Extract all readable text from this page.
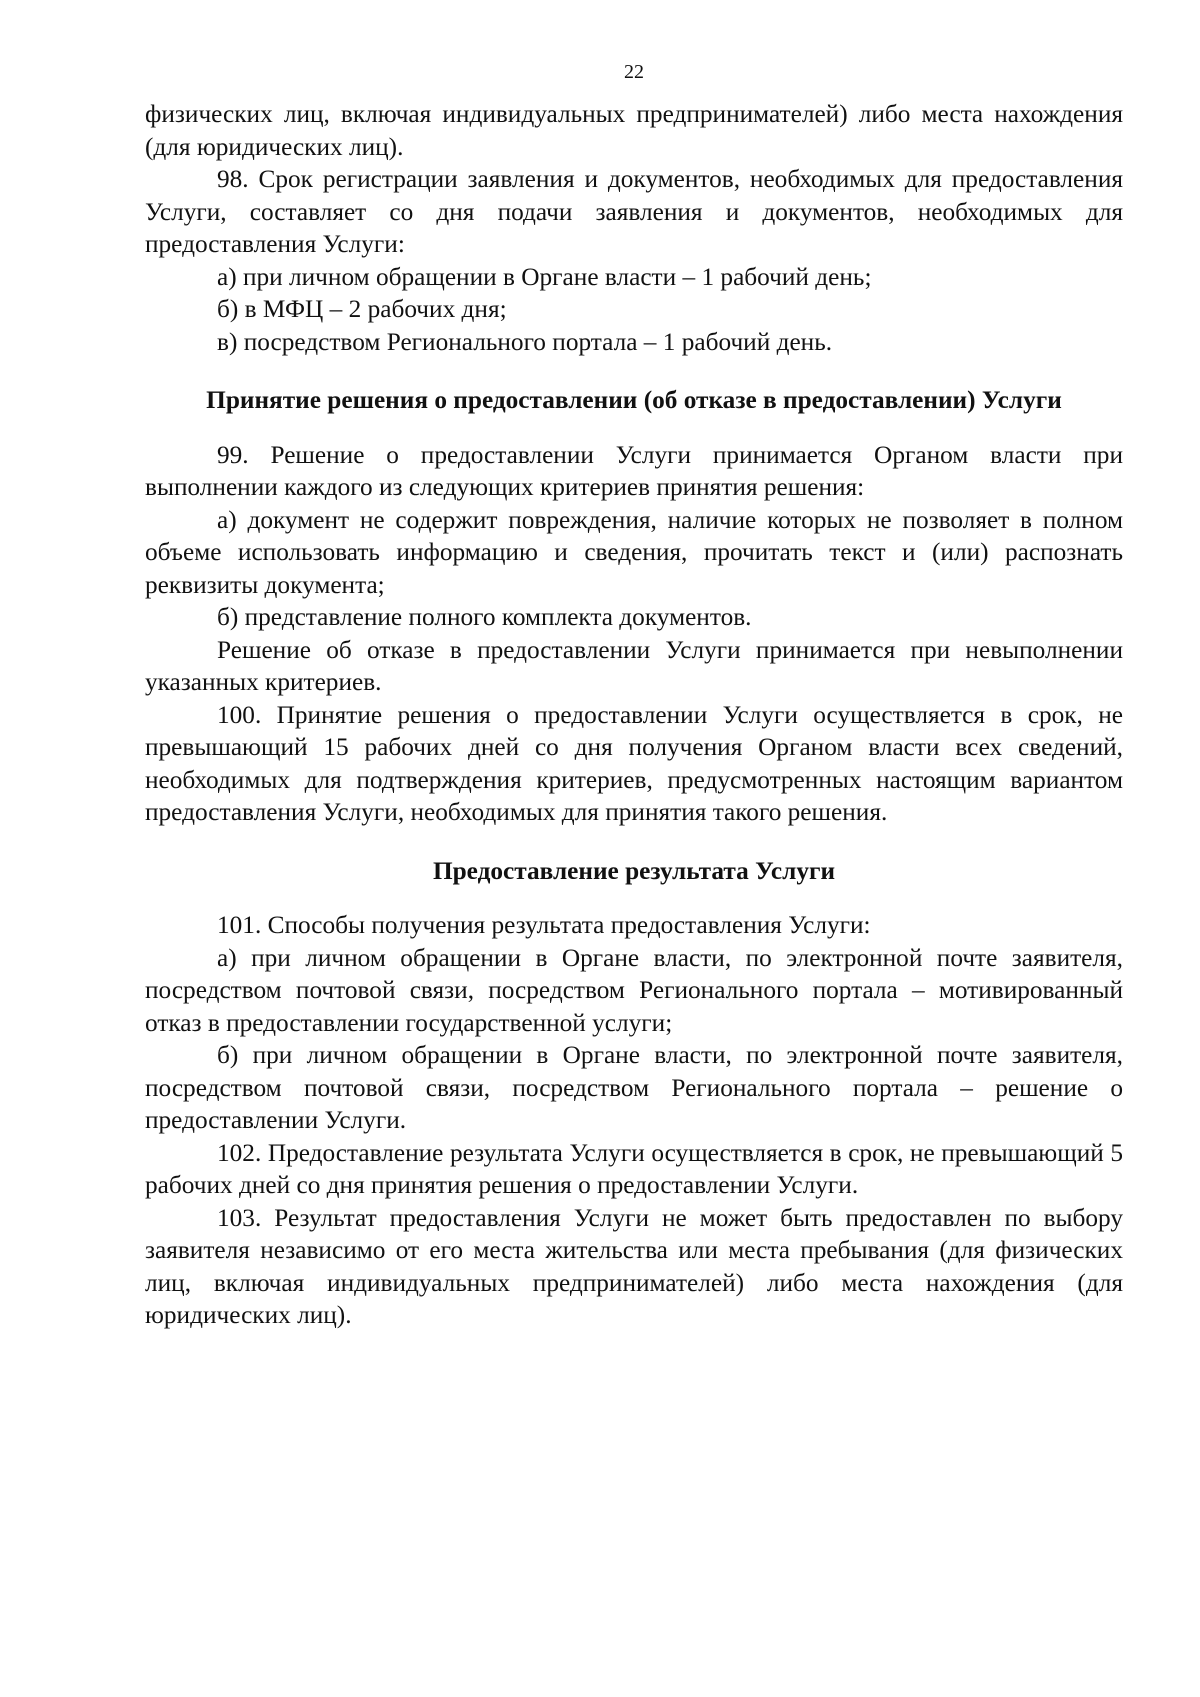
22

физических лиц, включая индивидуальных предпринимателей) либо места нахождения (для юридических лиц).

98. Срок регистрации заявления и документов, необходимых для предоставления Услуги, составляет со дня подачи заявления и документов, необходимых для предоставления Услуги:

а) при личном обращении в Органе власти – 1 рабочий день;

б) в МФЦ – 2 рабочих дня;

в) посредством Регионального портала – 1 рабочий день.

Принятие решения о предоставлении (об отказе в предоставлении) Услуги

99. Решение о предоставлении Услуги принимается Органом власти при выполнении каждого из следующих критериев принятия решения:

а) документ не содержит повреждения, наличие которых не позволяет в полном объеме использовать информацию и сведения, прочитать текст и (или) распознать реквизиты документа;

б) представление полного комплекта документов.

Решение об отказе в предоставлении Услуги принимается при невыполнении указанных критериев.

100. Принятие решения о предоставлении Услуги осуществляется в срок, не превышающий 15 рабочих дней со дня получения Органом власти всех сведений, необходимых для подтверждения критериев, предусмотренных настоящим вариантом предоставления Услуги, необходимых для принятия такого решения.

Предоставление результата Услуги

101. Способы получения результата предоставления Услуги:

а) при личном обращении в Органе власти, по электронной почте заявителя, посредством почтовой связи, посредством Регионального портала – мотивированный отказ в предоставлении государственной услуги;

б) при личном обращении в Органе власти, по электронной почте заявителя, посредством почтовой связи, посредством Регионального портала – решение о предоставлении Услуги.

102. Предоставление результата Услуги осуществляется в срок, не превышающий 5 рабочих дней со дня принятия решения о предоставлении Услуги.

103. Результат предоставления Услуги не может быть предоставлен по выбору заявителя независимо от его места жительства или места пребывания (для физических лиц, включая индивидуальных предпринимателей) либо места нахождения (для юридических лиц).
